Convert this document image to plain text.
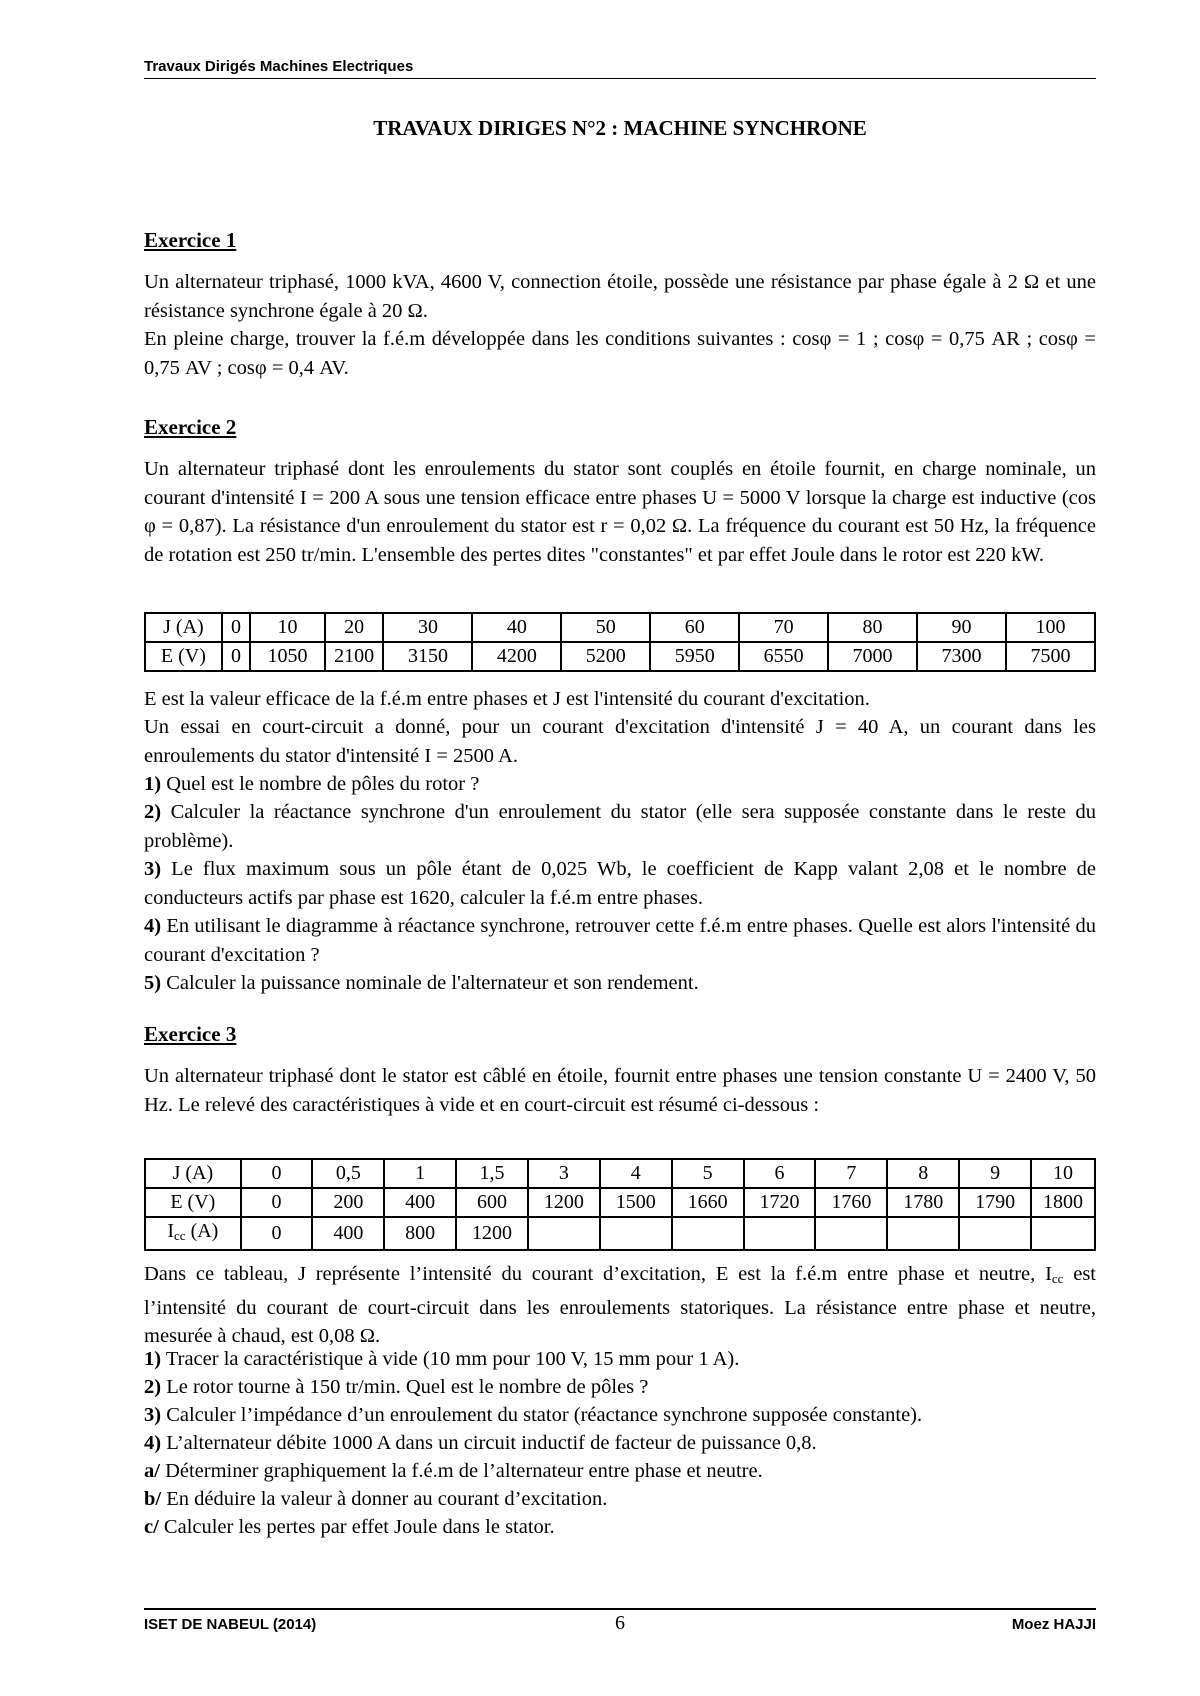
Travaux Dirigés Machines Electriques
TRAVAUX DIRIGES N°2 : MACHINE SYNCHRONE
Exercice 1

Un alternateur triphasé, 1000 kVA, 4600 V, connection étoile, possède une résistance par phase égale à 2 Ω et une résistance synchrone égale à 20 Ω.

En pleine charge, trouver la f.é.m développée dans les conditions suivantes : cosφ = 1 ; cosφ = 0,75 AR ; cosφ = 0,75 AV ; cosφ = 0,4 AV.

Exercice 2

Un alternateur triphasé dont les enroulements du stator sont couplés en étoile fournit, en charge nominale, un courant d'intensité I = 200 A sous une tension efficace entre phases U = 5000 V lorsque la charge est inductive (cos φ = 0,87). La résistance d'un enroulement du stator est r = 0,02 Ω. La fréquence du courant est 50 Hz, la fréquence de rotation est 250 tr/min. L'ensemble des pertes dites "constantes" et par effet Joule dans le rotor est 220 kW.

J (A)	0	10	20	30	40	50	60	70	80	90	100
E (V)	0	1050	2100	3150	4200	5200	5950	6550	7000	7300	7500

E est la valeur efficace de la f.é.m entre phases et J est l'intensité du courant d'excitation.

Un essai en court-circuit a donné, pour un courant d'excitation d'intensité J = 40 A, un courant dans les enroulements du stator d'intensité I = 2500 A.

1) Quel est le nombre de pôles du rotor ?

2) Calculer la réactance synchrone d'un enroulement du stator (elle sera supposée constante dans le reste du problème).

3) Le flux maximum sous un pôle étant de 0,025 Wb, le coefficient de Kapp valant 2,08 et le nombre de conducteurs actifs par phase est 1620, calculer la f.é.m entre phases.

4) En utilisant le diagramme à réactance synchrone, retrouver cette f.é.m entre phases. Quelle est alors l'intensité du courant d'excitation ?

5) Calculer la puissance nominale de l'alternateur et son rendement.

Exercice 3

Un alternateur triphasé dont le stator est câblé en étoile, fournit entre phases une tension constante U = 2400 V, 50 Hz. Le relevé des caractéristiques à vide et en court-circuit est résumé ci-dessous :

J (A)	0	0,5	1	1,5	3	4	5	6	7	8	9	10
E (V)	0	200	400	600	1200	1500	1660	1720	1760	1780	1790	1800
$I_{cc}$ (A)	0	400	800	1200								

Dans ce tableau, J représente l’intensité du courant d’excitation, E est la f.é.m entre phase et neutre, $I_{cc}$ est l’intensité du courant de court-circuit dans les enroulements statoriques. La résistance entre phase et neutre, mesurée à chaud, est 0,08 Ω.

1) Tracer la caractéristique à vide (10 mm pour 100 V, 15 mm pour 1 A).

2) Le rotor tourne à 150 tr/min. Quel est le nombre de pôles ?

3) Calculer l’impédance d’un enroulement du stator (réactance synchrone supposée constante).

4) L’alternateur débite 1000 A dans un circuit inductif de facteur de puissance 0,8.

a/ Déterminer graphiquement la f.é.m de l’alternateur entre phase et neutre.

b/ En déduire la valeur à donner au courant d’excitation.

c/ Calculer les pertes par effet Joule dans le stator.

ISET DE NABEUL (2014)	6	Moez HAJJI
